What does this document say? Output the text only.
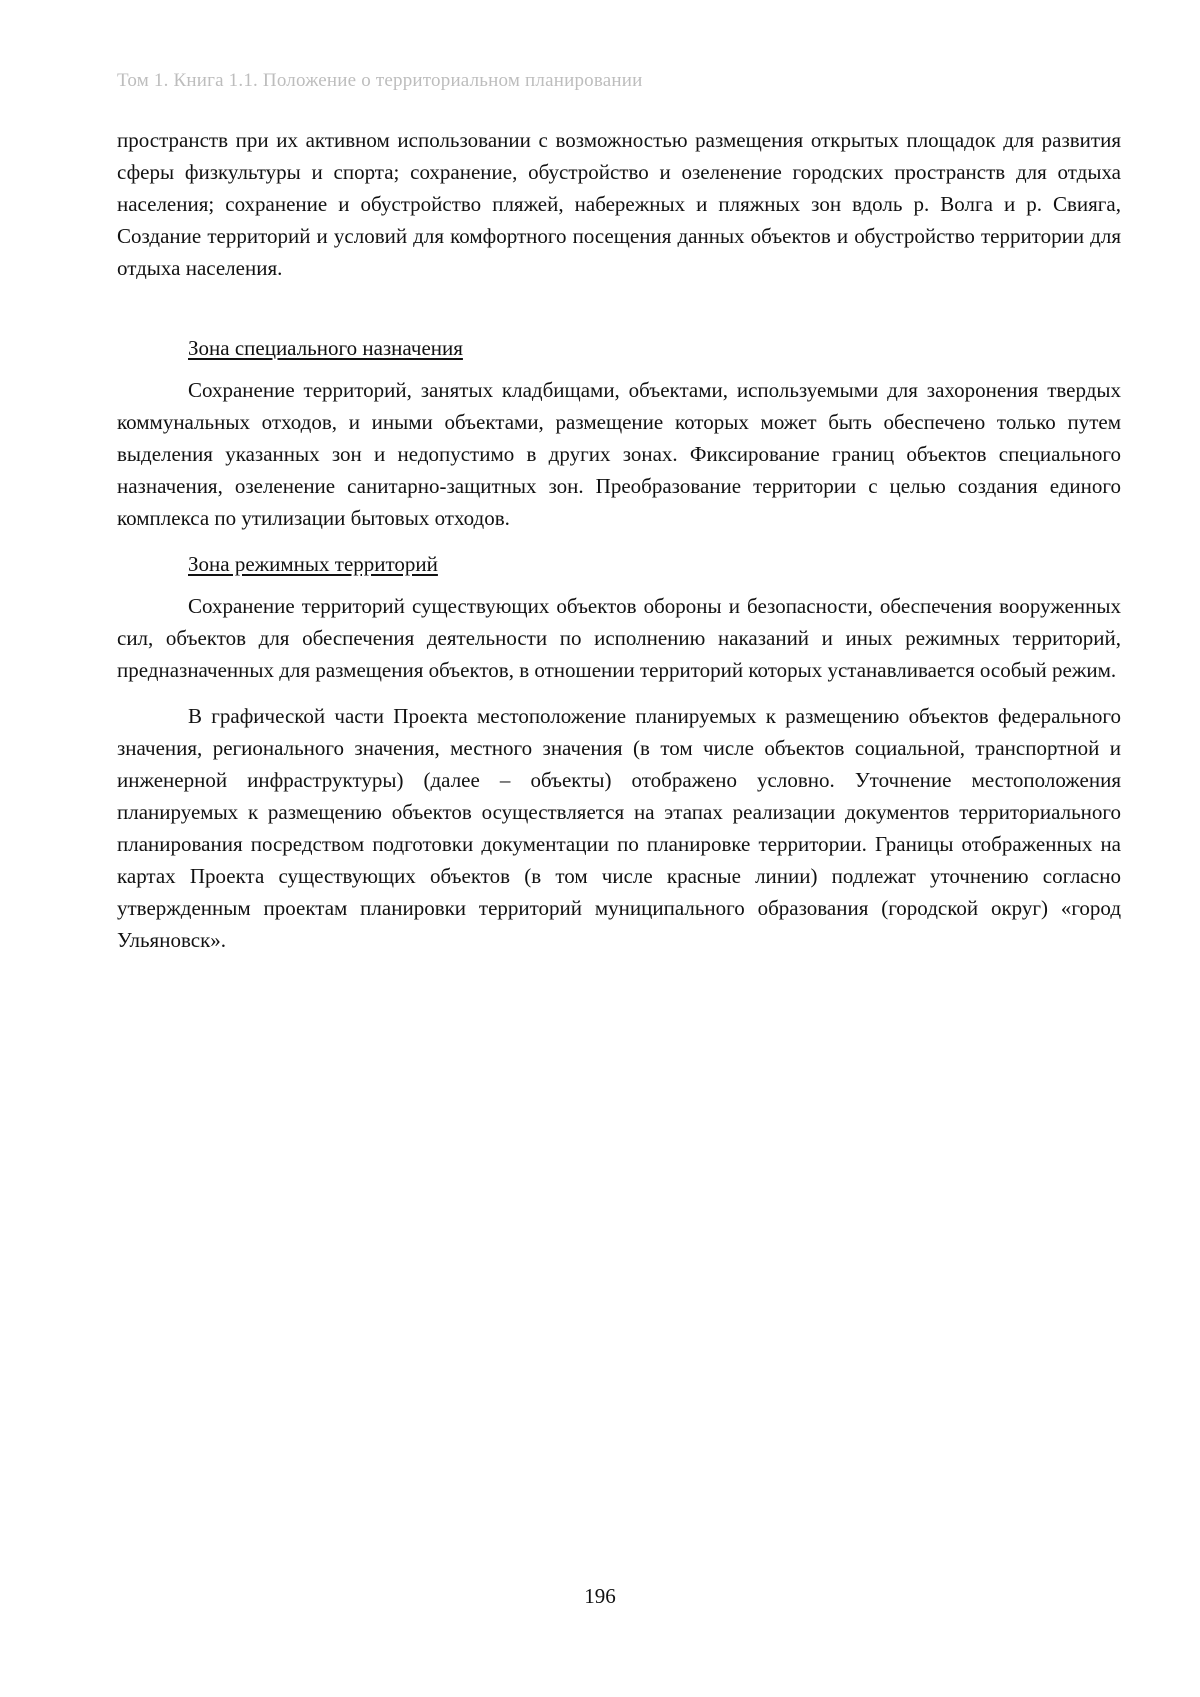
Том 1. Книга 1.1. Положение о территориальном планировании

пространств при их активном использовании с возможностью размещения открытых площадок для развития сферы физкультуры и спорта; сохранение, обустройство и озеленение городских пространств для отдыха населения; сохранение и обустройство пляжей, набережных и пляжных зон вдоль р. Волга и р. Свияга, Создание территорий и условий для комфортного посещения данных объектов и обустройство территории для отдыха населения.

Зона специального назначения

Сохранение территорий, занятых кладбищами, объектами, используемыми для захоронения твердых коммунальных отходов, и иными объектами, размещение которых может быть обеспечено только путем выделения указанных зон и недопустимо в других зонах. Фиксирование границ объектов специального назначения, озеленение санитарно-защитных зон. Преобразование территории с целью создания единого комплекса по утилизации бытовых отходов.

Зона режимных территорий

Сохранение территорий существующих объектов обороны и безопасности, обеспечения вооруженных сил, объектов для обеспечения деятельности по исполнению наказаний и иных режимных территорий, предназначенных для размещения объектов, в отношении территорий которых устанавливается особый режим.

В графической части Проекта местоположение планируемых к размещению объектов федерального значения, регионального значения, местного значения (в том числе объектов социальной, транспортной и инженерной инфраструктуры) (далее – объекты) отображено условно. Уточнение местоположения планируемых к размещению объектов осуществляется на этапах реализации документов территориального планирования посредством подготовки документации по планировке территории. Границы отображенных на картах Проекта существующих объектов (в том числе красные линии) подлежат уточнению согласно утвержденным проектам планировки территорий муниципального образования (городской округ) «город Ульяновск».

196
